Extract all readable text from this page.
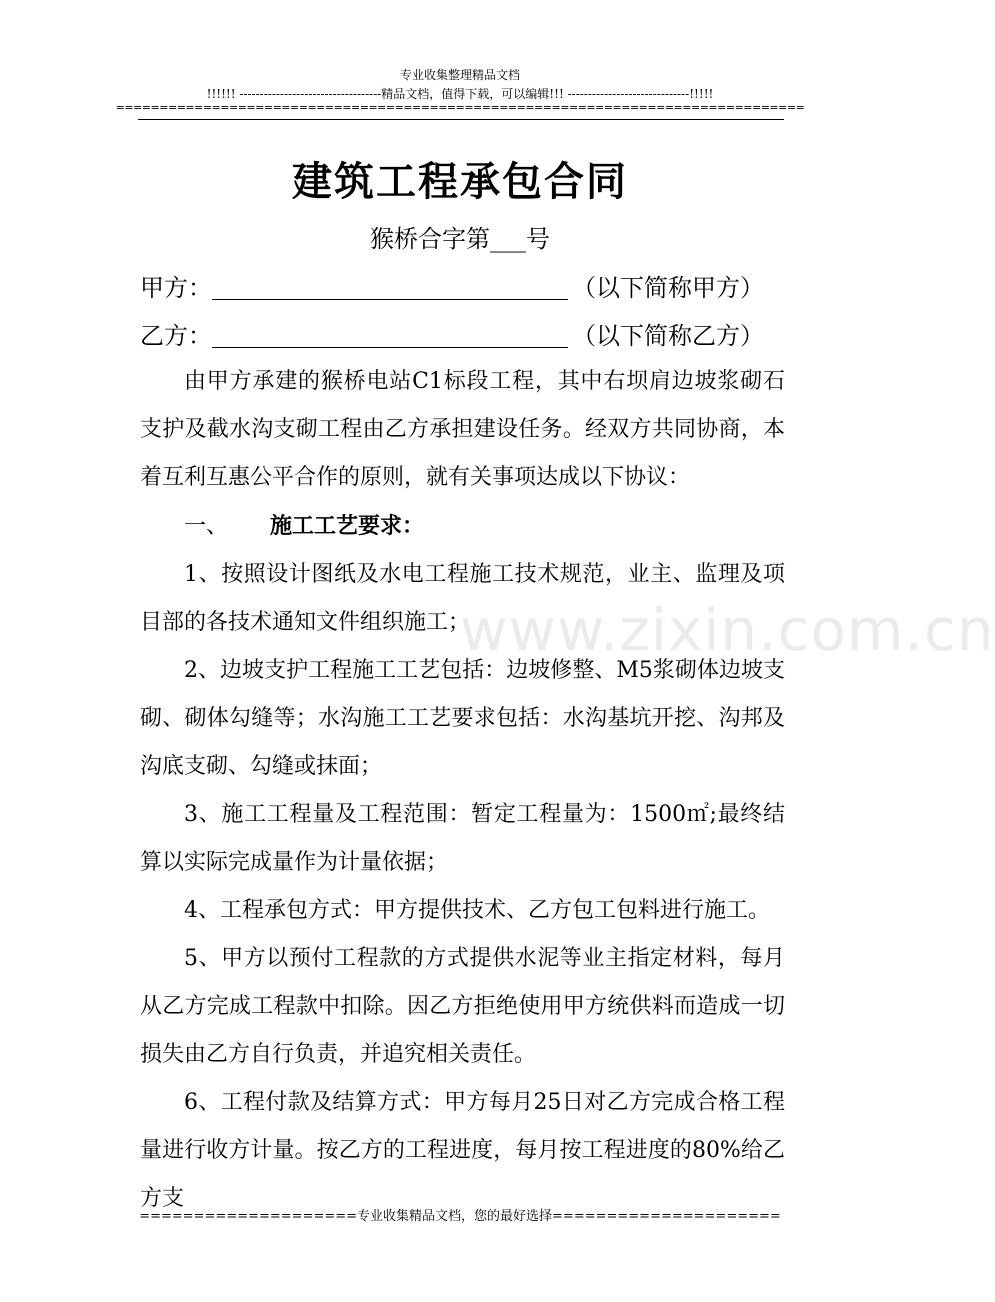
专业收集整理精品文档
!!!!!! -----------------------------------精品文档，值得下载，可以编辑!!! ------------------------------!!!!!
===============================================================================
建筑工程承包合同
猴桥合字第___号
甲方：	（以下简称甲方）
乙方：	（以下简称乙方）
www.zixin.com.cn

由甲方承建的猴桥电站C1标段工程，其中右坝肩边坡浆砌石支护及截水沟支砌工程由乙方承担建设任务。经双方共同协商，本着互利互惠公平合作的原则，就有关事项达成以下协议：

一、 施工工艺要求：

1、按照设计图纸及水电工程施工技术规范，业主、监理及项目部的各技术通知文件组织施工；

2、边坡支护工程施工工艺包括：边坡修整、M5浆砌体边坡支砌、砌体勾缝等；水沟施工工艺要求包括：水沟基坑开挖、沟邦及沟底支砌、勾缝或抹面；

3、施工工程量及工程范围：暂定工程量为：1500㎡;最终结算以实际完成量作为计量依据；

4、工程承包方式：甲方提供技术、乙方包工包料进行施工。

5、甲方以预付工程款的方式提供水泥等业主指定材料，每月从乙方完成工程款中扣除。因乙方拒绝使用甲方统供料而造成一切损失由乙方自行负责，并追究相关责任。

6、工程付款及结算方式：甲方每月25日对乙方完成合格工程量进行收方计量。按乙方的工程进度，每月按工程进度的80%给乙方支

====================专业收集精品文档，您的最好选择=====================
